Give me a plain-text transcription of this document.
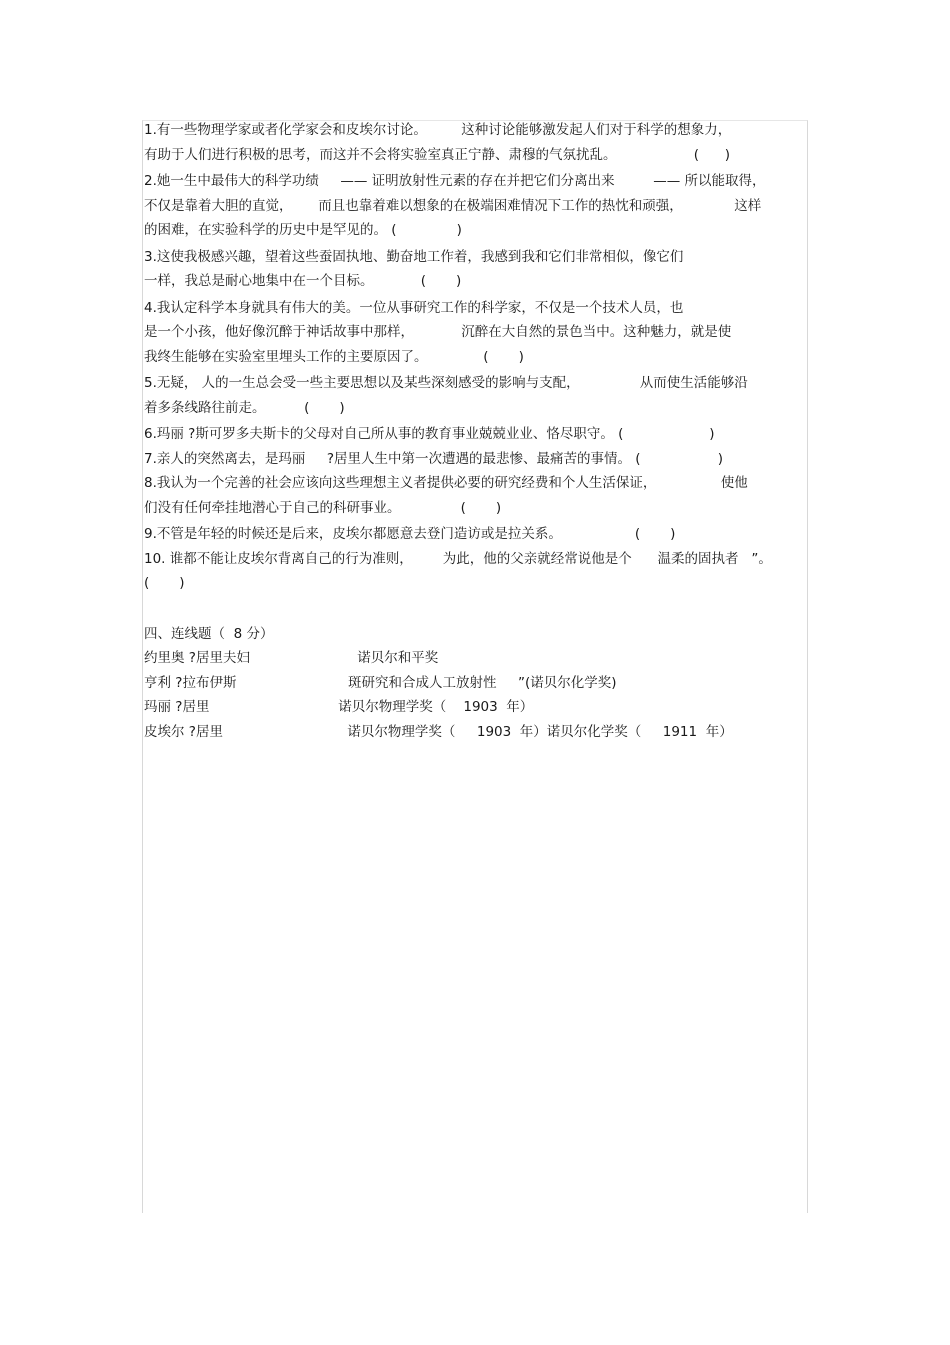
1.有一些物理学家或者化学家会和皮埃尔讨论。        这种讨论能够激发起人们对于科学的想象力，
有助于人们进行积极的思考，而这并不会将实验室真正宁静、肃穆的气氛扰乱。                  (      )
2.她一生中最伟大的科学功绩     —— 证明放射性元素的存在并把它们分离出来         —— 所以能取得，
不仅是靠着大胆的直觉，      而且也靠着难以想象的在极端困难情况下工作的热忱和顽强，            这样
的困难，在实验科学的历史中是罕见的。 (              )
3.这使我极感兴趣，望着这些蚕固执地、勤奋地工作着，我感到我和它们非常相似，像它们
一样，我总是耐心地集中在一个目标。           (       )
4.我认定科学本身就具有伟大的美。一位从事研究工作的科学家，不仅是一个技术人员，也
是一个小孩，他好像沉醉于神话故事中那样，           沉醉在大自然的景色当中。这种魅力，就是使
我终生能够在实验室里埋头工作的主要原因了。             (       )
5.无疑， 人的一生总会受一些主要思想以及某些深刻感受的影响与支配，              从而使生活能够沿
着多条线路往前走。         (       )
6.玛丽 ?斯可罗多夫斯卡的父母对自己所从事的教育事业兢兢业业、恪尽职守。 (                    )
7.亲人的突然离去，是玛丽     ?居里人生中第一次遭遇的最悲惨、最痛苦的事情。 (                  )
8.我认为一个完善的社会应该向这些理想主义者提供必要的研究经费和个人生活保证，               使他
们没有任何牵挂地潜心于自己的科研事业。              (       )
9.不管是年轻的时候还是后来，皮埃尔都愿意去登门造访或是拉关系。                 (       )
10. 谁都不能让皮埃尔背离自己的行为准则，       为此，他的父亲就经常说他是个      温柔的固执者   ”。
(       )
四、连线题（  8 分）
约里奥 ?居里夫妇                         诺贝尔和平奖
亨利 ?拉布伊斯                          斑研究和合成人工放射性     ”(诺贝尔化学奖)
玛丽 ?居里                              诺贝尔物理学奖（    1903  年）
皮埃尔 ?居里                             诺贝尔物理学奖（     1903  年）诺贝尔化学奖（     1911  年）
